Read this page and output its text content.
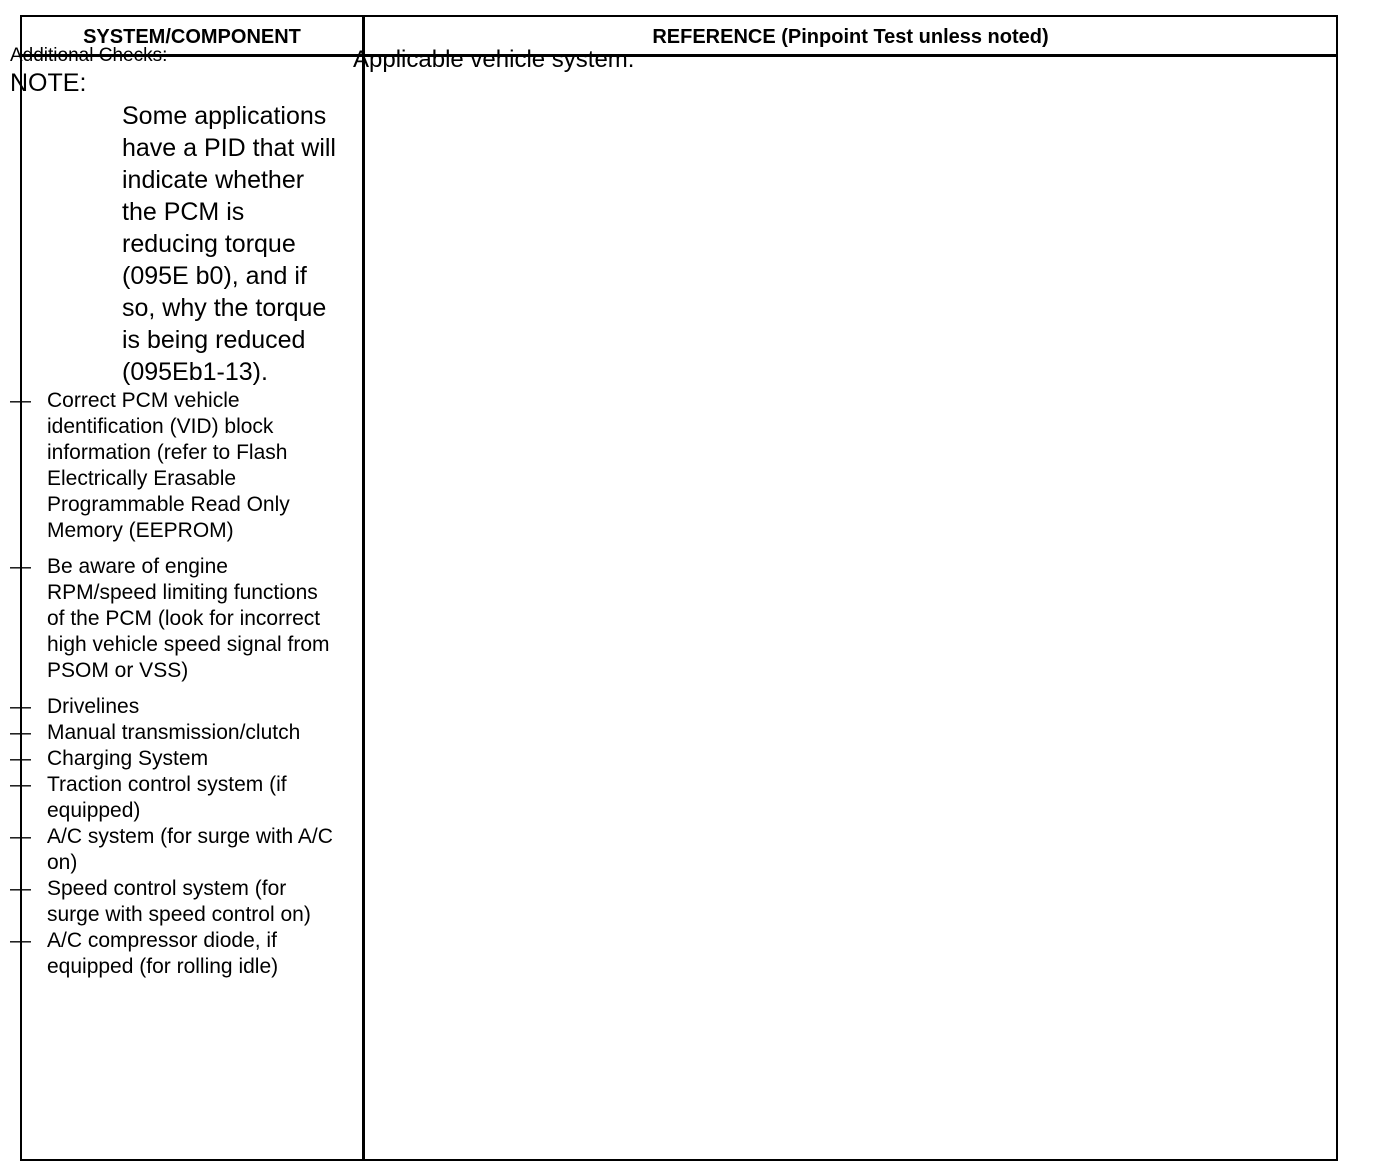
SYSTEM/COMPONENT	REFERENCE (Pinpoint Test unless noted)
Additional Checks:
NOTE:
Some applications have a PID that will indicate whether the PCM is reducing torque (095E b0), and if so, why the torque is being reduced (095Eb1-13).
— Correct PCM vehicle identification (VID) block information (refer to Flash Electrically Erasable Programmable Read Only Memory (EEPROM)
— Be aware of engine RPM/speed limiting functions of the PCM (look for incorrect high vehicle speed signal from PSOM or VSS)
— Drivelines
— Manual transmission/clutch
— Charging System
— Traction control system (if equipped)
— A/C system (for surge with A/C on)
— Speed control system (for surge with speed control on)
— A/C compressor diode, if equipped (for rolling idle)
Applicable vehicle system.
